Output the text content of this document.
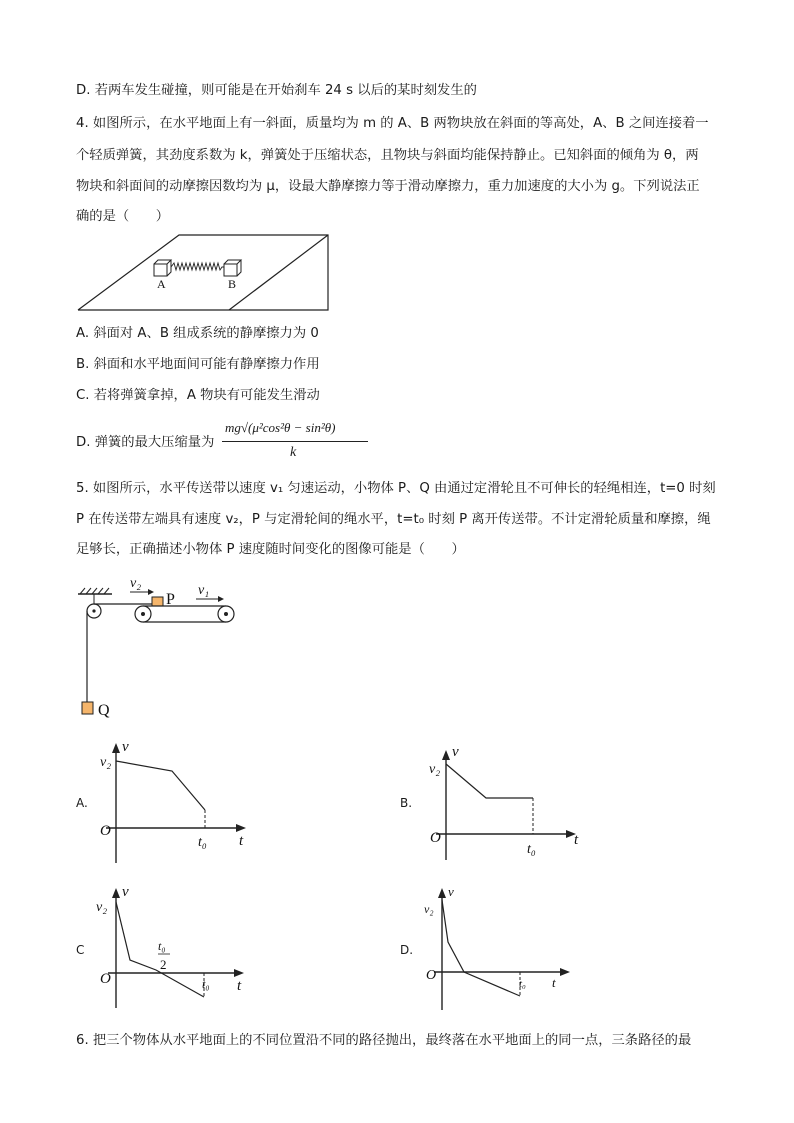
D. 若两车发生碰撞，则可能是在开始刹车 24 s 以后的某时刻发生的
4. 如图所示，在水平地面上有一斜面，质量均为 m 的 A、B 两物块放在斜面的等高处，A、B 之间连接着一
个轻质弹簧，其劲度系数为 k，弹簧处于压缩状态，且物块与斜面均能保持静止。已知斜面的倾角为 θ，两
物块和斜面间的动摩擦因数均为 μ，设最大静摩擦力等于滑动摩擦力，重力加速度的大小为 g。下列说法正
确的是（　　）
A	B
A. 斜面对 A、B 组成系统的静摩擦力为 0
B. 斜面和水平地面间可能有静摩擦力作用
C. 若将弹簧拿掉，A 物块有可能发生滑动
D. 弹簧的最大压缩量为
mg√(μ²cos²θ − sin²θ)
k
5. 如图所示，水平传送带以速度 v₁ 匀速运动，小物体 P、Q 由通过定滑轮且不可伸长的轻绳相连，t=0 时刻
P 在传送带左端具有速度 v₂，P 与定滑轮间的绳水平，t=t₀ 时刻 P 离开传送带。不计定滑轮质量和摩擦，绳
足够长，正确描述小物体 P 速度随时间变化的图像可能是（　　）
Q
P
v₂	v₁
A.
v
v₂
O
t₀ t
B.
v
v₂
O
t₀
t
C
v
v₂
O
t₀
2
t₀ t
D.
v
v₂
O
t₀ t
6. 把三个物体从水平地面上的不同位置沿不同的路径抛出，最终落在水平地面上的同一点，三条路径的最
